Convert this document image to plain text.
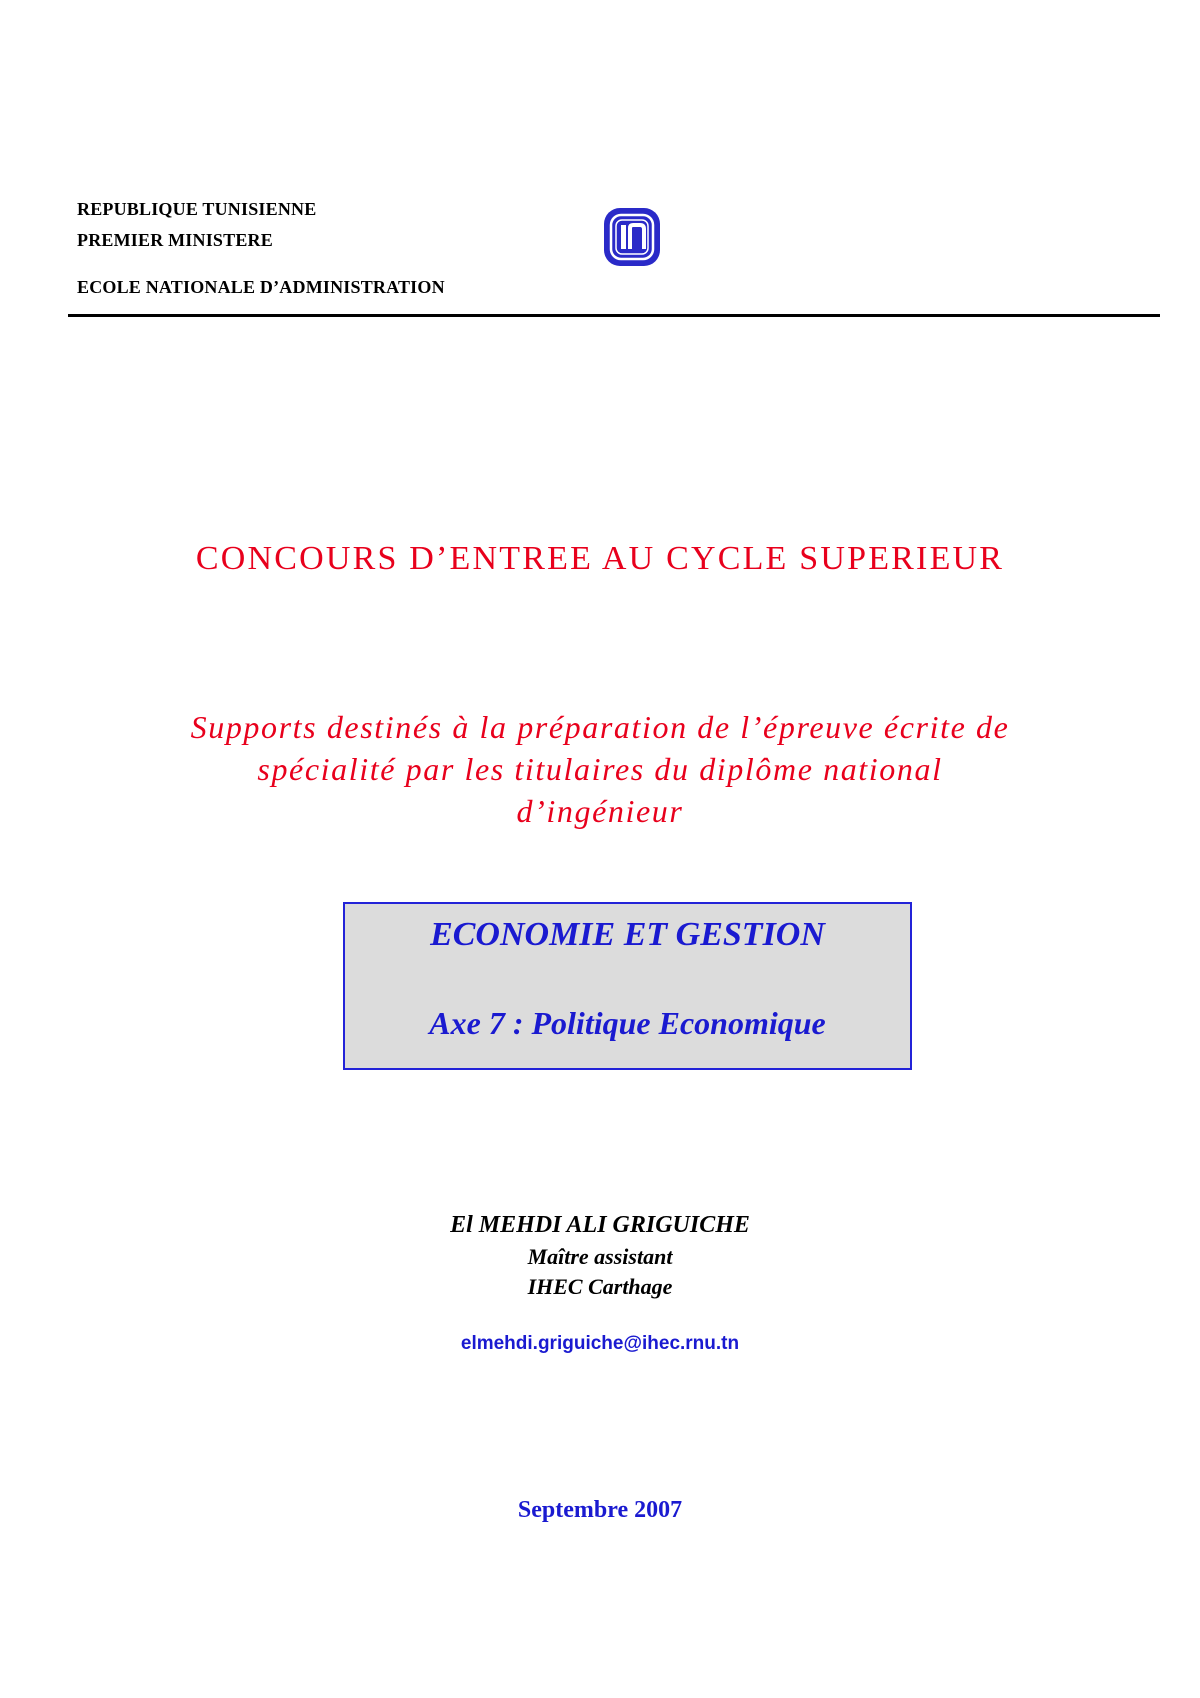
REPUBLIQUE TUNISIENNE
PREMIER MINISTERE
ECOLE NATIONALE D’ADMINISTRATION
CONCOURS D’ENTREE AU CYCLE SUPERIEUR
Supports destinés à la préparation de l’épreuve écrite de
spécialité par les titulaires du diplôme national
d’ingénieur
ECONOMIE ET GESTION
Axe 7 : Politique Economique
El MEHDI ALI GRIGUICHE
Maître assistant
IHEC Carthage
elmehdi.griguiche@ihec.rnu.tn
Septembre 2007
